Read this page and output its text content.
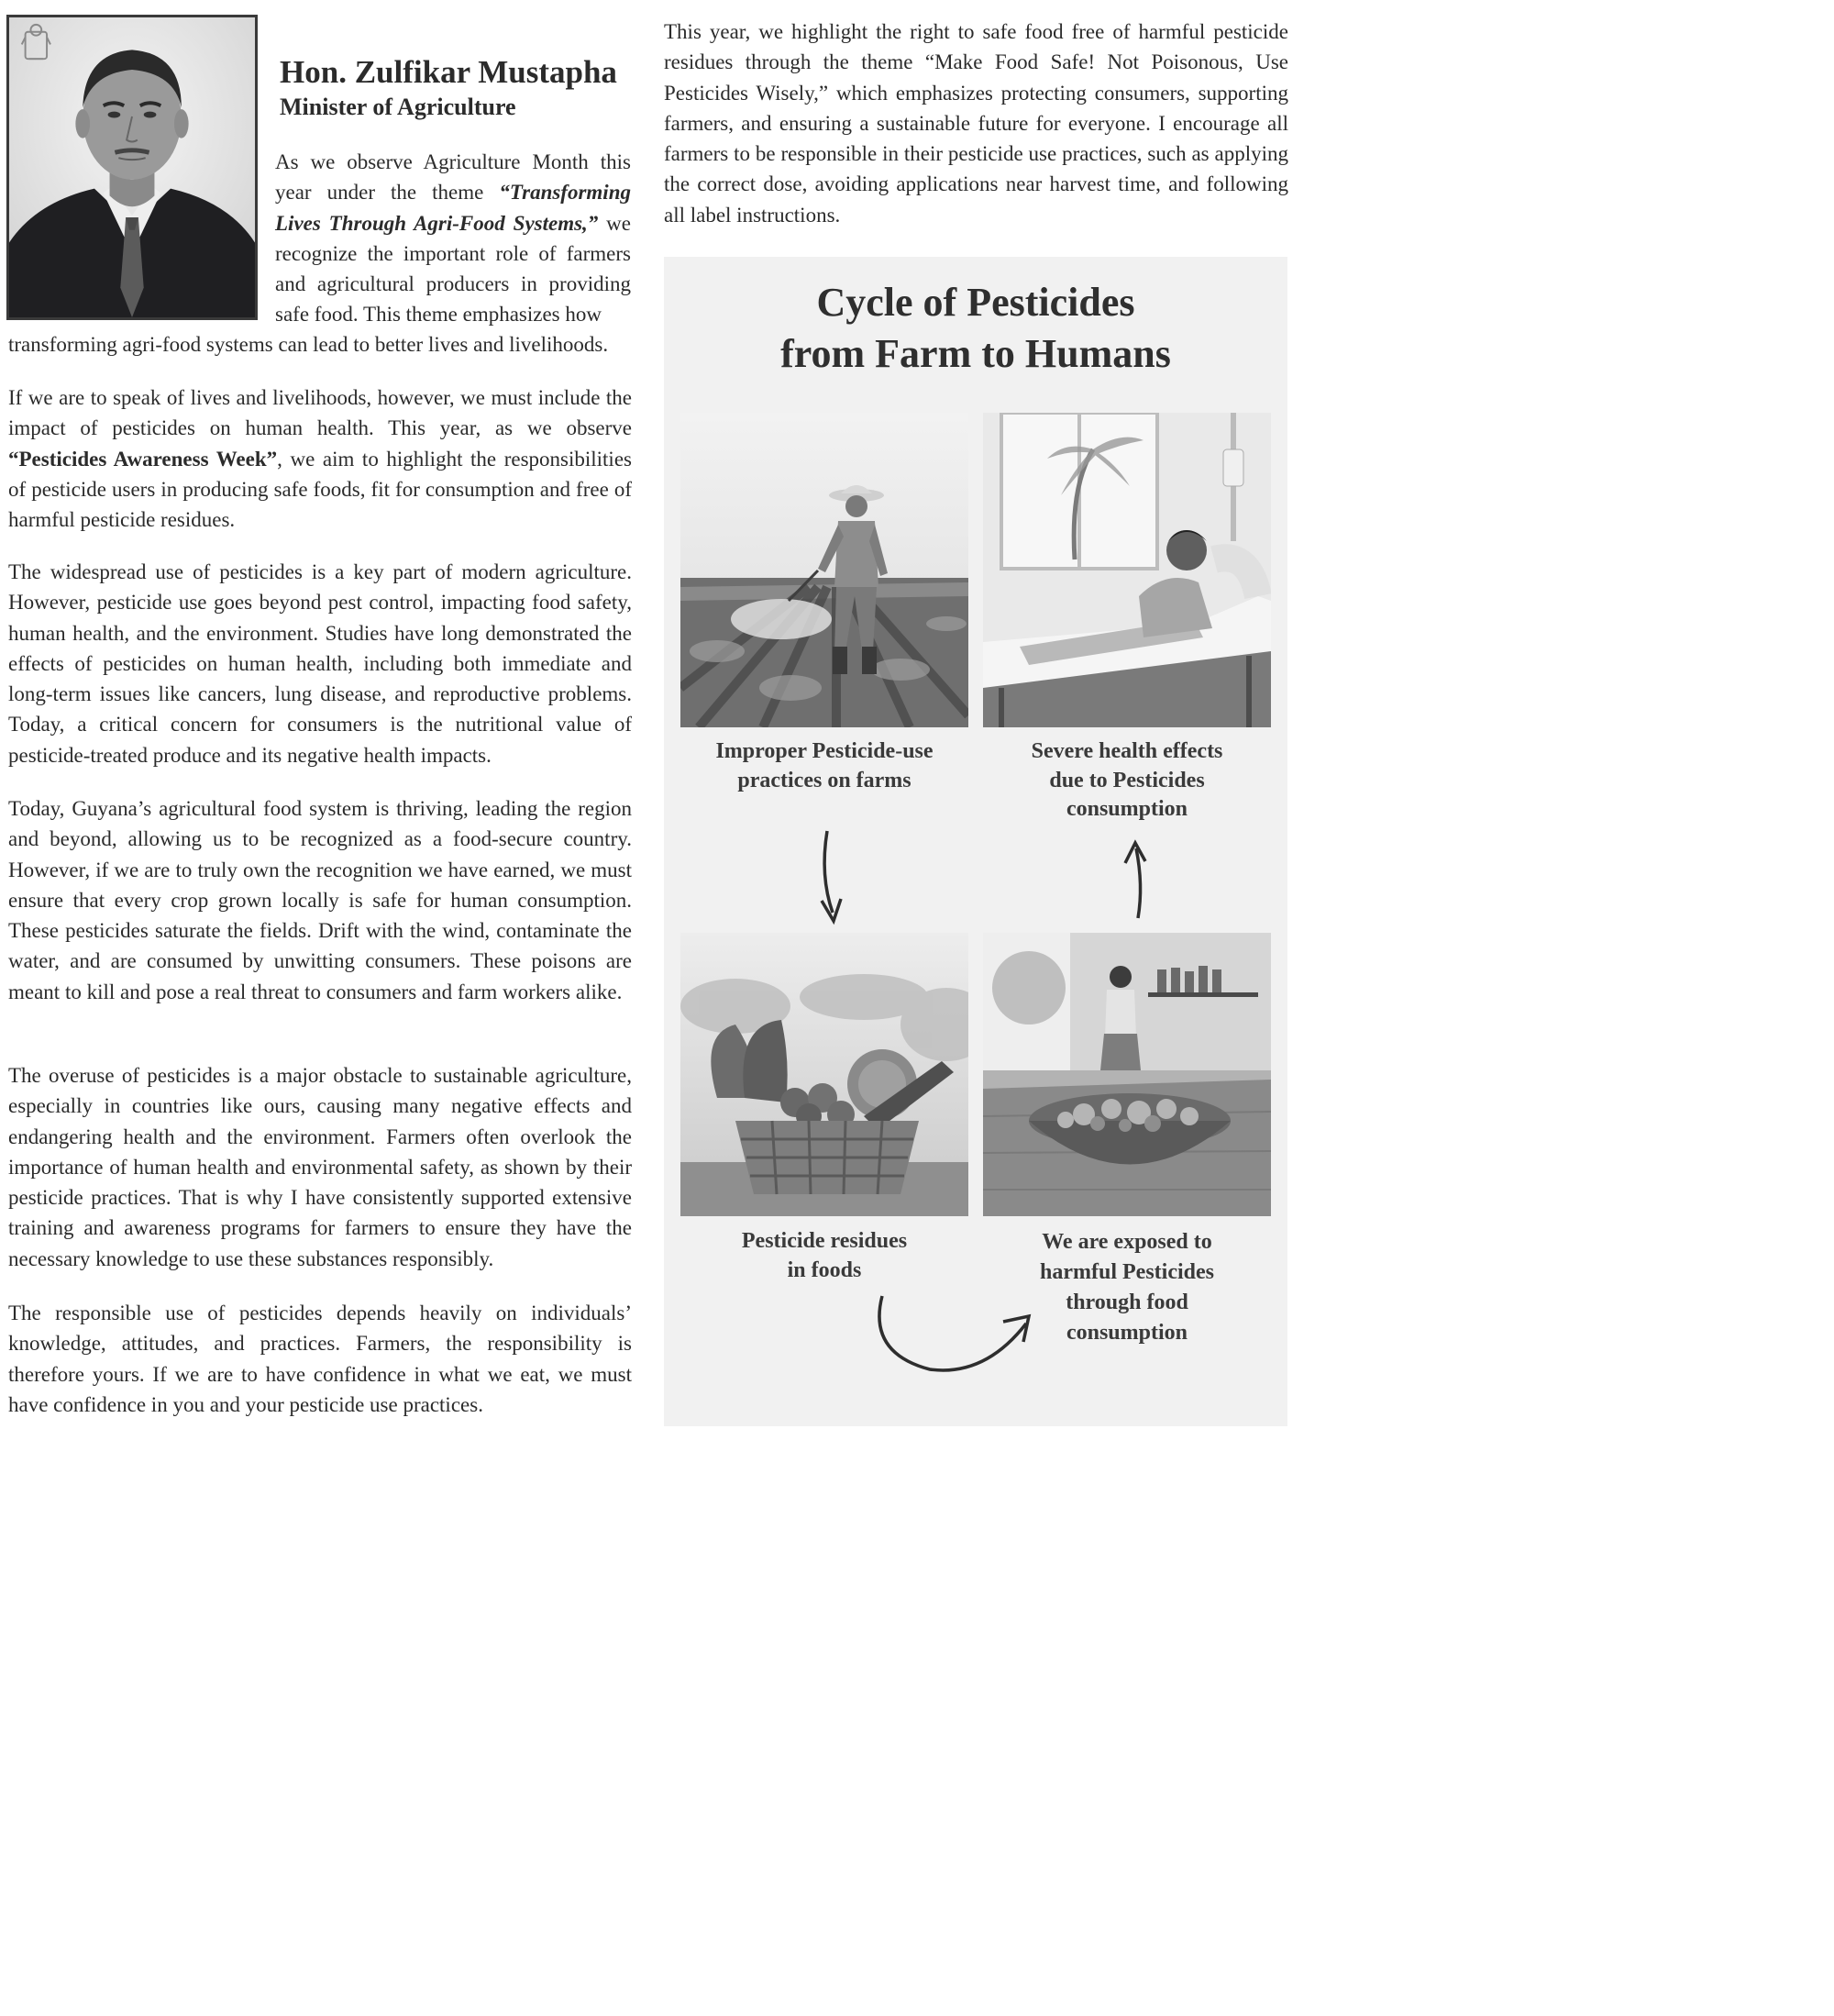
Hon. Zulfikar Mustapha
Minister of Agriculture
As we observe Agriculture Month this year under the theme “Transforming Lives Through Agri-Food Systems,” we recognize the important role of farmers and agricultural producers in providing safe food. This theme emphasizes how
transforming agri-food systems can lead to better lives and livelihoods.
If we are to speak of lives and livelihoods, however, we must include the impact of pesticides on human health. This year, as we observe “Pesticides Awareness Week”, we aim to highlight the responsibilities of pesticide users in producing safe foods, fit for consumption and free of harmful pesticide residues.
The widespread use of pesticides is a key part of modern agriculture. However, pesticide use goes beyond pest control, impacting food safety, human health, and the environment. Studies have long demonstrated the effects of pesticides on human health, including both immediate and long-term issues like cancers, lung disease, and reproductive problems. Today, a critical concern for consumers is the nutritional value of pesticide-treated produce and its negative health impacts.
Today, Guyana’s agricultural food system is thriving, leading the region and beyond, allowing us to be recognized as a food-secure country. However, if we are to truly own the recognition we have earned, we must ensure that every crop grown locally is safe for human consumption. These pesticides saturate the fields. Drift with the wind, contaminate the water, and are consumed by unwitting consumers. These poisons are meant to kill and pose a real threat to consumers and farm workers alike.
The overuse of pesticides is a major obstacle to sustainable agriculture, especially in countries like ours, causing many negative effects and endangering health and the environment. Farmers often overlook the importance of human health and environmental safety, as shown by their pesticide practices. That is why I have consistently supported extensive training and awareness programs for farmers to ensure they have the necessary knowledge to use these substances responsibly.
The responsible use of pesticides depends heavily on individuals’ knowledge, attitudes, and practices. Farmers, the responsibility is therefore yours. If we are to have confidence in what we eat, we must have confidence in you and your pesticide use practices.
This year, we highlight the right to safe food free of harmful pesticide residues through the theme “Make Food Safe! Not Poisonous, Use Pesticides Wisely,” which emphasizes protecting consumers, supporting farmers, and ensuring a sustainable future for everyone. I encourage all farmers to be responsible in their pesticide use practices, such as applying the correct dose, avoiding applications near harvest time, and following all label instructions.
Cycle of Pesticides
from Farm to Humans
Improper Pesticide-use
practices on farms
Severe health effects
due to Pesticides
consumption
Pesticide residues
in foods
We are exposed to
harmful Pesticides
through food
consumption
